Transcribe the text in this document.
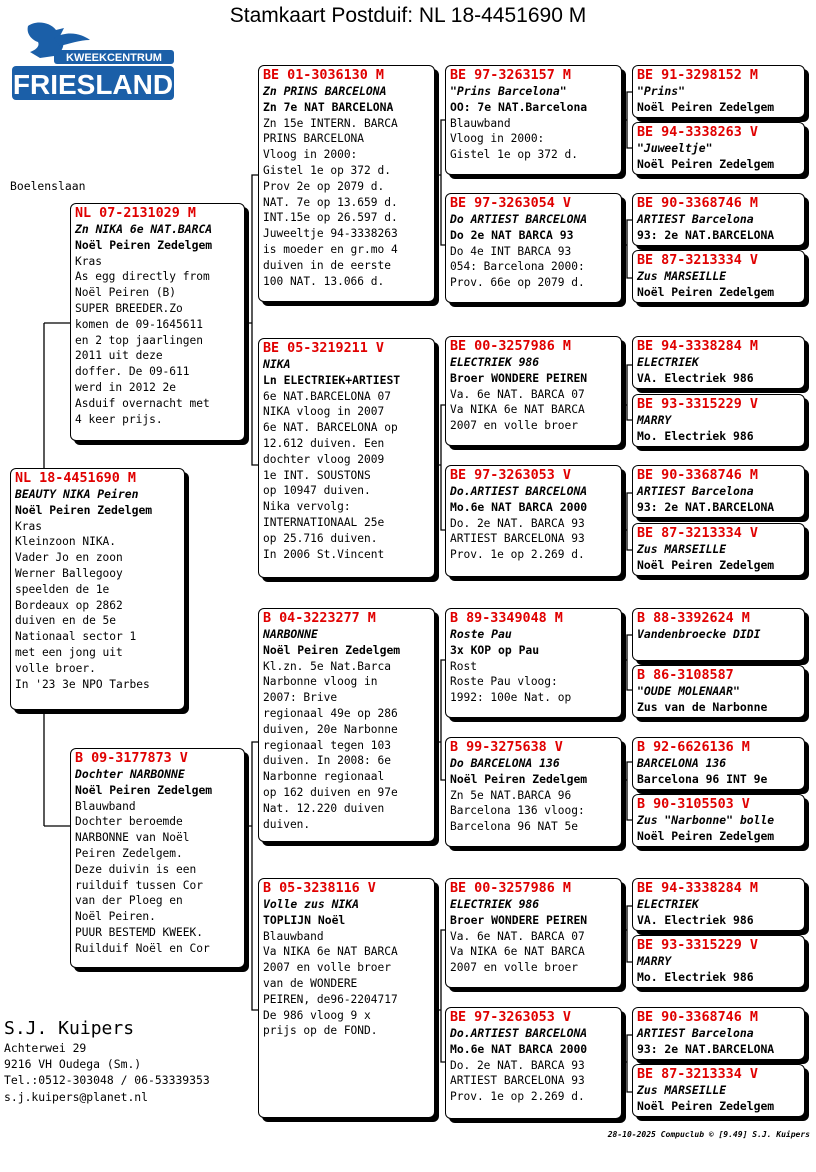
Stamkaart Postduif: NL 18-4451690 M
KWEEKCENTRUM
FRIESLAND
Boelenslaan
NL 18-4451690 M
BEAUTY NIKA Peiren
Noël Peiren Zedelgem
Kras
Kleinzoon NIKA.
Vader Jo en zoon
Werner Ballegooy
speelden de 1e
Bordeaux op 2862
duiven en de 5e
Nationaal sector 1
met een jong uit
volle broer.
In '23 3e NPO Tarbes
NL 07-2131029 M
Zn NIKA 6e NAT.BARCA
Noël Peiren Zedelgem
Kras
As egg directly from
Noël Peiren (B)
SUPER BREEDER.Zo
komen de 09-1645611
en 2 top jaarlingen
2011 uit deze
doffer. De 09-611
werd in 2012 2e
Asduif overnacht met
4 keer prijs.
B 09-3177873 V
Dochter NARBONNE
Noël Peiren Zedelgem
Blauwband
Dochter beroemde
NARBONNE van Noël
Peiren Zedelgem.
Deze duivin is een
ruilduif tussen Cor
van der Ploeg en
Noël Peiren.
PUUR BESTEMD KWEEK.
Ruilduif Noël en Cor
BE 01-3036130 M
Zn PRINS BARCELONA
Zn 7e NAT BARCELONA
Zn 15e INTERN. BARCA
PRINS BARCELONA
Vloog in 2000:
Gistel 1e op 372 d.
Prov 2e op 2079 d.
NAT. 7e op 13.659 d.
INT.15e op 26.597 d.
Juweeltje 94-3338263
is moeder en gr.mo 4
duiven in de eerste
100 NAT. 13.066 d.
BE 05-3219211 V
NIKA
Ln ELECTRIEK+ARTIEST
6e NAT.BARCELONA 07
NIKA vloog in 2007
6e NAT. BARCELONA op
12.612 duiven. Een
dochter vloog 2009
1e INT. SOUSTONS
op 10947 duiven.
Nika vervolg:
INTERNATIONAAL 25e
op 25.716 duiven.
In 2006 St.Vincent
B 04-3223277 M
NARBONNE
Noël Peiren Zedelgem
Kl.zn. 5e Nat.Barca
Narbonne vloog in
2007: Brive
regionaal 49e op 286
duiven, 20e Narbonne
regionaal tegen 103
duiven. In 2008: 6e
Narbonne regionaal
op 162 duiven en 97e
Nat. 12.220 duiven
duiven.
B 05-3238116 V
Volle zus NIKA
TOPLIJN Noël
Blauwband
Va NIKA 6e NAT BARCA
2007 en volle broer
van de WONDERE
PEIREN, de96-2204717
De 986 vloog 9 x
prijs op de FOND.
BE 97-3263157 M
"Prins Barcelona"
OO: 7e NAT.Barcelona
Blauwband
Vloog in 2000:
Gistel 1e op 372 d.
BE 97-3263054 V
Do ARTIEST BARCELONA
Do 2e NAT BARCA 93
Do 4e INT BARCA 93
054: Barcelona 2000:
Prov. 66e op 2079 d.
BE 00-3257986 M
ELECTRIEK 986
Broer WONDERE PEIREN
Va. 6e NAT. BARCA 07
Va NIKA 6e NAT BARCA
2007 en volle broer
BE 97-3263053 V
Do.ARTIEST BARCELONA
Mo.6e NAT BARCA 2000
Do. 2e NAT. BARCA 93
ARTIEST BARCELONA 93
Prov. 1e op 2.269 d.
B 89-3349048 M
Roste Pau
3x KOP op Pau
Rost
Roste Pau vloog:
1992: 100e Nat. op
B 99-3275638 V
Do BARCELONA 136
Noël Peiren Zedelgem
Zn 5e NAT.BARCA 96
Barcelona 136 vloog:
Barcelona 96 NAT 5e
BE 00-3257986 M
ELECTRIEK 986
Broer WONDERE PEIREN
Va. 6e NAT. BARCA 07
Va NIKA 6e NAT BARCA
2007 en volle broer
BE 97-3263053 V
Do.ARTIEST BARCELONA
Mo.6e NAT BARCA 2000
Do. 2e NAT. BARCA 93
ARTIEST BARCELONA 93
Prov. 1e op 2.269 d.
BE 91-3298152 M
"Prins"
Noël Peiren Zedelgem
BE 94-3338263 V
"Juweeltje"
Noël Peiren Zedelgem
BE 90-3368746 M
ARTIEST Barcelona
93: 2e NAT.BARCELONA
BE 87-3213334 V
Zus MARSEILLE
Noël Peiren Zedelgem
BE 94-3338284 M
ELECTRIEK
VA. Electriek 986
BE 93-3315229 V
MARRY
Mo. Electriek 986
BE 90-3368746 M
ARTIEST Barcelona
93: 2e NAT.BARCELONA
BE 87-3213334 V
Zus MARSEILLE
Noël Peiren Zedelgem
B 88-3392624 M
Vandenbroecke DIDI
B 86-3108587
"OUDE MOLENAAR"
Zus van de Narbonne
B 92-6626136 M
BARCELONA 136
Barcelona 96 INT 9e
B 90-3105503 V
Zus "Narbonne" bolle
Noël Peiren Zedelgem
BE 94-3338284 M
ELECTRIEK
VA. Electriek 986
BE 93-3315229 V
MARRY
Mo. Electriek 986
BE 90-3368746 M
ARTIEST Barcelona
93: 2e NAT.BARCELONA
BE 87-3213334 V
Zus MARSEILLE
Noël Peiren Zedelgem
S.J. Kuipers
Achterwei 29
9216 VH Oudega (Sm.)
Tel.:0512-303048 / 06-53339353
s.j.kuipers@planet.nl
28-10-2025 Compuclub © [9.49] S.J. Kuipers
